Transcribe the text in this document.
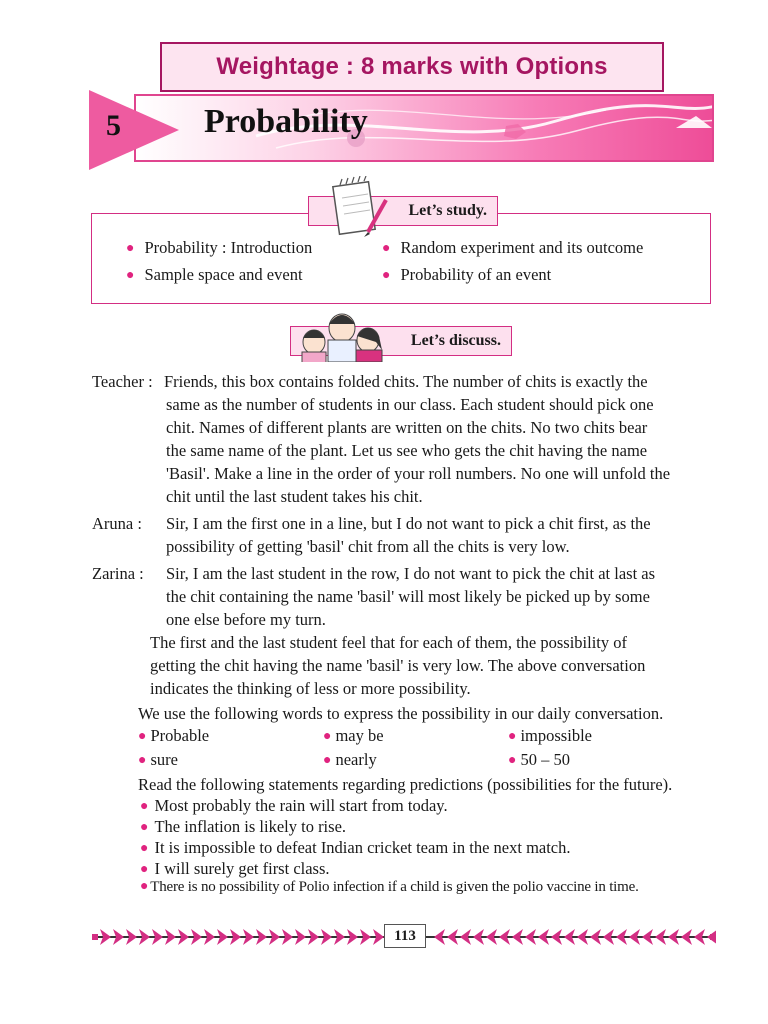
Weightage : 8 marks with Options
5 Probability
Let’s study.
● Probability : Introduction	● Random experiment and its outcome
● Sample space and event	● Probability of an event
Let’s discuss.
Teacher : Friends, this box contains folded chits. The number of chits is exactly the
same as the number of students in our class. Each student should pick one
chit. Names of different plants are written on the chits. No two chits bear
the same name of the plant. Let us see who gets the chit having the name
'Basil'. Make a line in the order of your roll numbers. No one will unfold the
chit until the last student takes his chit.
Aruna : Sir, I am the first one in a line, but I do not want to pick a chit first, as the
possibility of getting 'basil' chit from all the chits is very low.
Zarina : Sir, I am the last student in the row, I do not want to pick the chit at last as
the chit containing the name 'basil' will most likely be picked up by some
one else before my turn.
The first and the last student feel that for each of them, the possibility of
getting the chit having the name 'basil' is very low. The above conversation
indicates the thinking of less or more possibility.
We use the following words to express the possibility in our daily conversation.
● Probable	● may be	● impossible
● sure	● nearly	● 50 – 50
Read the following statements regarding predictions (possibilities for the future).
● Most probably the rain will start from today.
● The inflation is likely to rise.
● It is impossible to defeat Indian cricket team in the next match.
● I will surely get first class.
● There is no possibility of Polio infection if a child is given the polio vaccine in time.
113
